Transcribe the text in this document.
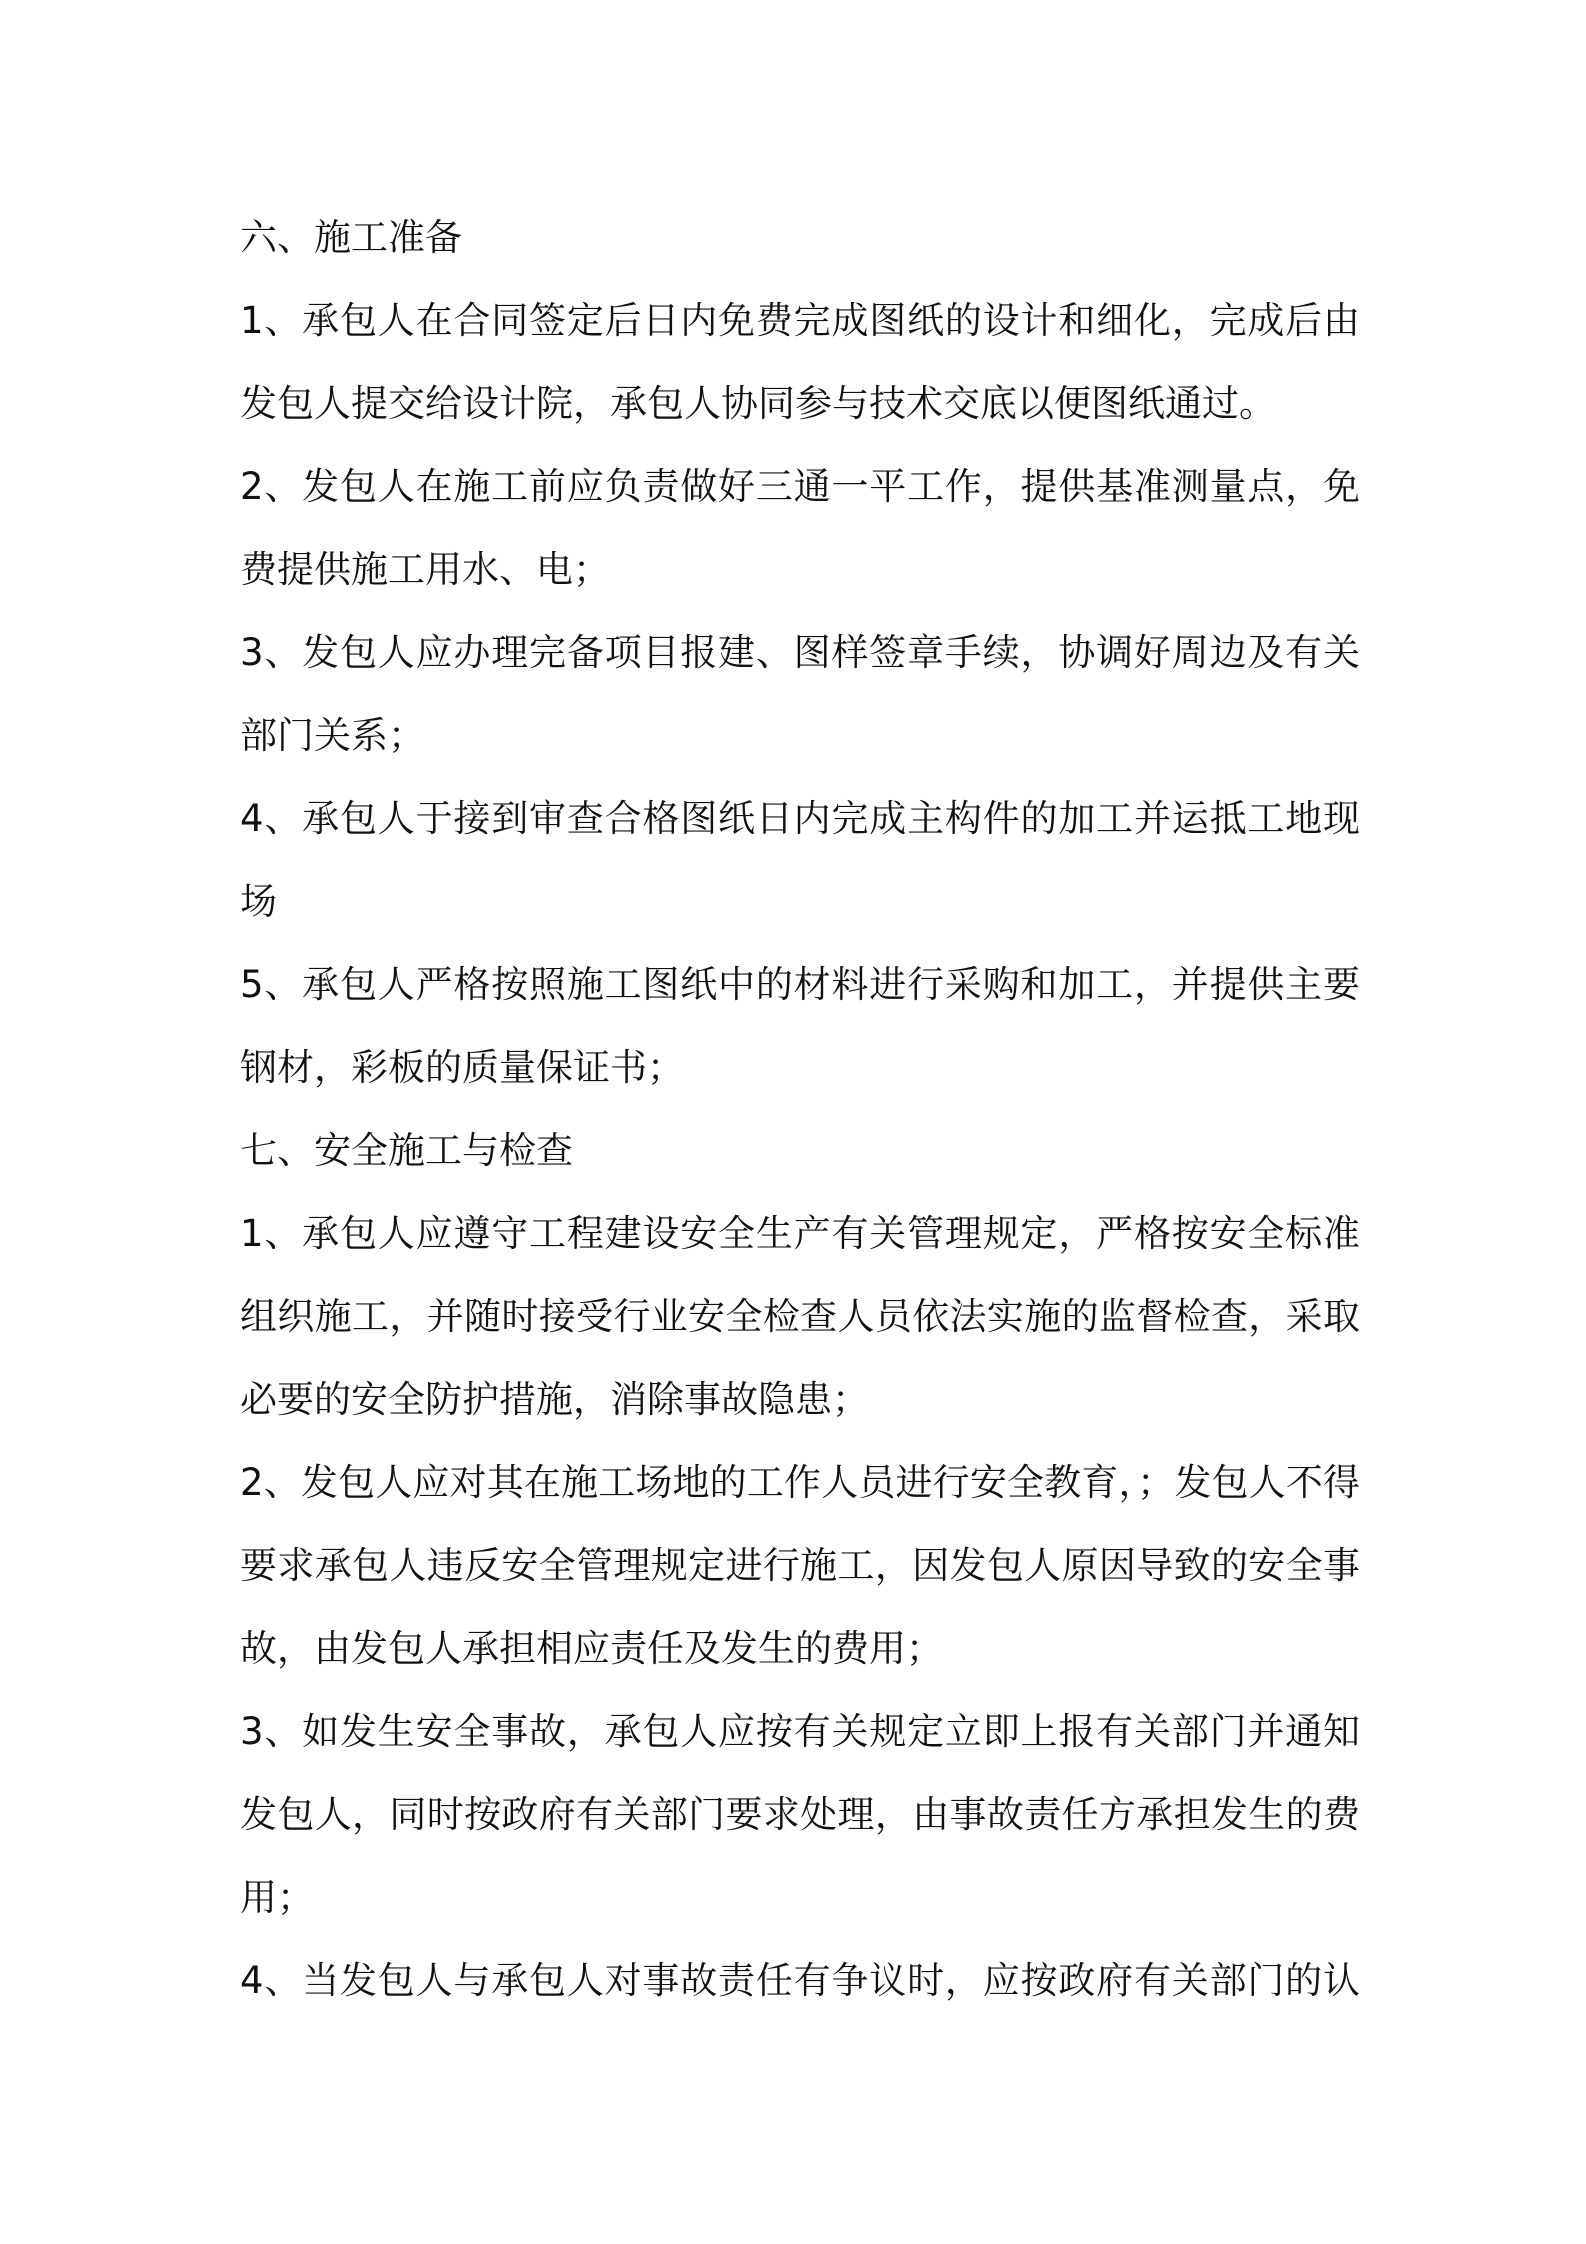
六、施工准备
1、承包人在合同签定后日内免费完成图纸的设计和细化，完成后由
发包人提交给设计院，承包人协同参与技术交底以便图纸通过。
2、发包人在施工前应负责做好三通一平工作，提供基准测量点，免
费提供施工用水、电；
3、发包人应办理完备项目报建、图样签章手续，协调好周边及有关
部门关系；
4、承包人于接到审查合格图纸日内完成主构件的加工并运抵工地现
场
5、承包人严格按照施工图纸中的材料进行采购和加工，并提供主要
钢材，彩板的质量保证书；
七、安全施工与检查
1、承包人应遵守工程建设安全生产有关管理规定，严格按安全标准
组织施工，并随时接受行业安全检查人员依法实施的监督检查，采取
必要的安全防护措施，消除事故隐患；
2、发包人应对其在施工场地的工作人员进行安全教育，；发包人不得
要求承包人违反安全管理规定进行施工，因发包人原因导致的安全事
故，由发包人承担相应责任及发生的费用；
3、如发生安全事故，承包人应按有关规定立即上报有关部门并通知
发包人，同时按政府有关部门要求处理，由事故责任方承担发生的费
用；
4、当发包人与承包人对事故责任有争议时，应按政府有关部门的认
